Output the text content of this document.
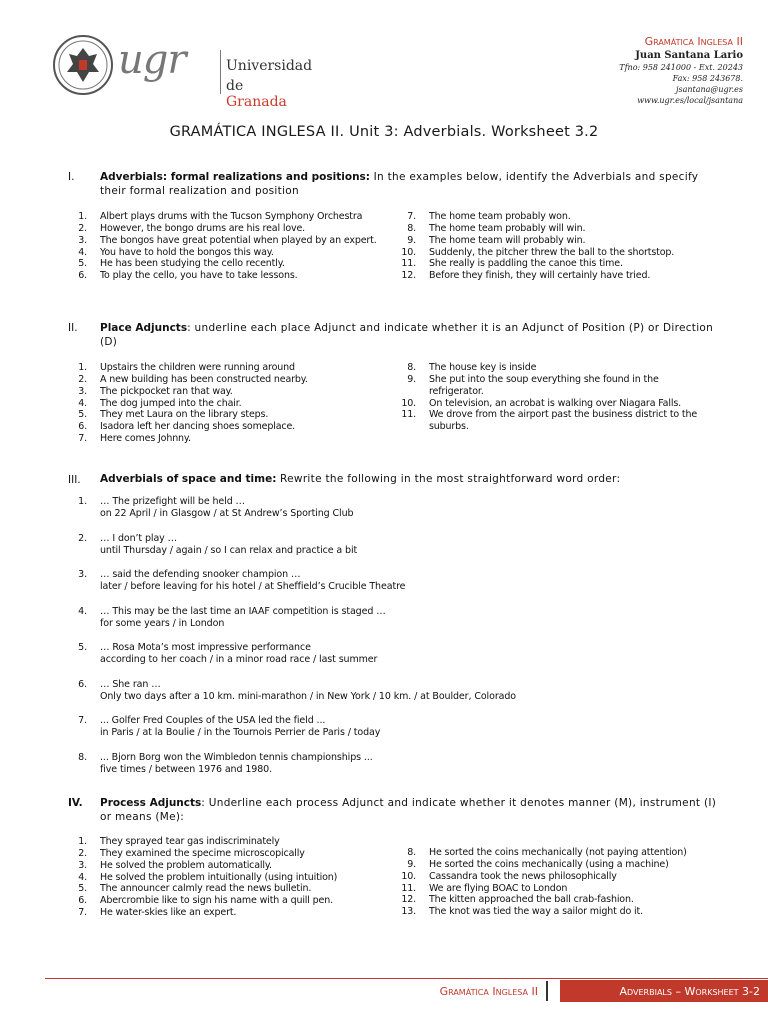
ugr	Universidad
de Granada
Gramática Inglesa II
Juan Santana Lario
Tfno: 958 241000 - Ext. 20243
Fax: 958 243678.
jsantana@ugr.es
www.ugr.es/local/jsantana
GRAMÁTICA INGLESA II. Unit 3: Adverbials. Worksheet 3.2
I.	Adverbials: formal realizations and positions: In the examples below, identify the Adverbials and specify their formal realization and position
1. Albert plays drums with the Tucson Symphony Orchestra
2. However, the bongo drums are his real love.
3. The bongos have great potential when played by an expert.
4. You have to hold the bongos this way.
5. He has been studying the cello recently.
6. To play the cello, you have to take lessons.
7. The home team probably won.
8. The home team probably will win.
9. The home team will probably win.
10. Suddenly, the pitcher threw the ball to the shortstop.
11. She really is paddling the canoe this time.
12. Before they finish, they will certainly have tried.
II.	Place Adjuncts: underline each place Adjunct and indicate whether it is an Adjunct of Position (P) or Direction (D)
1. Upstairs the children were running around
2. A new building has been constructed nearby.
3. The pickpocket ran that way.
4. The dog jumped into the chair.
5. They met Laura on the library steps.
6. Isadora left her dancing shoes someplace.
7. Here comes Johnny.
8. The house key is inside
9. She put into the soup everything she found in the refrigerator.
10. On television, an acrobat is walking over Niagara Falls.
11. We drove from the airport past the business district to the suburbs.
III.	Adverbials of space and time: Rewrite the following in the most straightforward word order:
1. … The prizefight will be held …
on 22 April / in Glasgow / at St Andrew’s Sporting Club
2. … I don’t play …
until Thursday / again / so I can relax and practice a bit
3. … said the defending snooker champion …
later / before leaving for his hotel / at Sheffield’s Crucible Theatre
4. … This may be the last time an IAAF competition is staged …
for some years / in London
5. … Rosa Mota’s most impressive performance
according to her coach / in a minor road race / last summer
6. … She ran …
Only two days after a 10 km. mini-marathon / in New York / 10 km. / at Boulder, Colorado
7. ... Golfer Fred Couples of the USA led the field ...
in Paris / at la Boulie / in the Tournois Perrier de Paris / today
8. ... Bjorn Borg won the Wimbledon tennis championships ...
five times / between 1976 and 1980.
IV.	Process Adjuncts: Underline each process Adjunct and indicate whether it denotes manner (M), instrument (I) or means (Me):
1. They sprayed tear gas indiscriminately
2. They examined the specime microscopically
3. He solved the problem automatically.
4. He solved the problem intuitionally (using intuition)
5. The announcer calmly read the news bulletin.
6. Abercrombie like to sign his name with a quill pen.
7. He water-skies like an expert.
8. He sorted the coins mechanically (not paying attention)
9. He sorted the coins mechanically (using a machine)
10. Cassandra took the news philosophically
11. We are flying BOAC to London
12. The kitten approached the ball crab-fashion.
13. The knot was tied the way a sailor might do it.
Gramática Inglesa II	Adverbials – Worksheet 3-2
